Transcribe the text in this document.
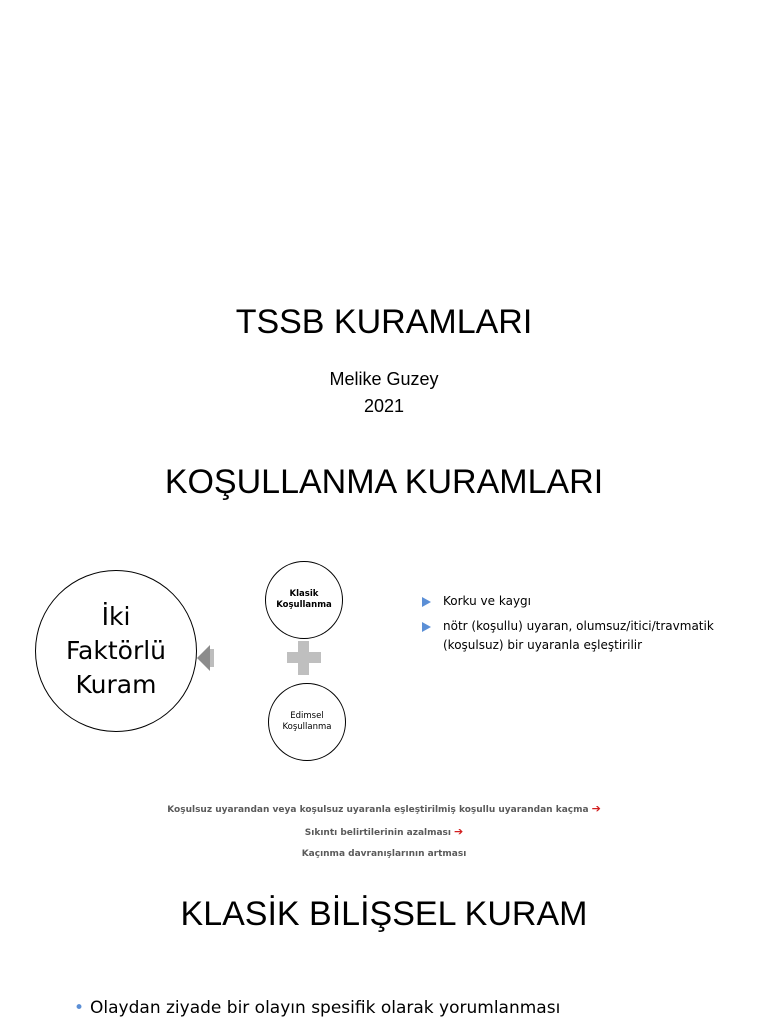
TSSB KURAMLARI
Melike Guzey
2021
KOŞULLANMA KURAMLARI
İki
Faktörlü
Kuram
Klasik
Koşullanma
Edimsel
Koşullanma
Korku ve kaygı
nötr (koşullu) uyaran, olumsuz/itici/travmatik (koşulsuz) bir uyaranla eşleştirilir
Koşulsuz uyarandan veya koşulsuz uyaranla eşleştirilmiş koşullu uyarandan kaçma ➔
Sıkıntı belirtilerinin azalması ➔
Kaçınma davranışlarının artması
KLASİK BİLİŞSEL KURAM
• Olaydan ziyade bir olayın spesifik olarak yorumlanması
